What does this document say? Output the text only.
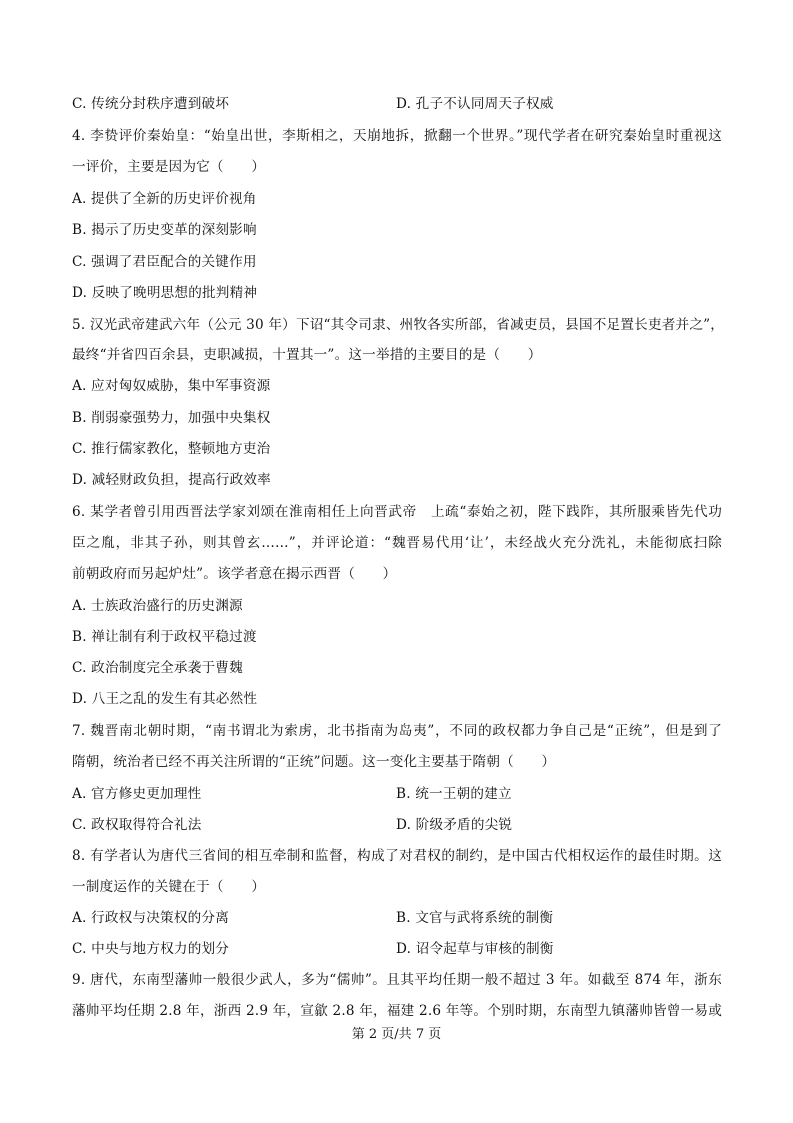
C. 传统分封秩序遭到破坏	D. 孔子不认同周天子权威
4. 李贽评价秦始皇：“始皇出世，李斯相之，天崩地拆，掀翻一个世界。”现代学者在研究秦始皇时重视这
一评价，主要是因为它（　　）
A. 提供了全新的历史评价视角
B. 揭示了历史变革的深刻影响
C. 强调了君臣配合的关键作用
D. 反映了晚明思想的批判精神
5. 汉光武帝建武六年（公元 30 年）下诏“其令司隶、州牧各实所部，省减吏员，县国不足置长吏者并之”，
最终“并省四百余县，吏职减损，十置其一”。这一举措的主要目的是（　　）
A. 应对匈奴威胁，集中军事资源
B. 削弱豪强势力，加强中央集权
C. 推行儒家教化，整顿地方吏治
D. 减轻财政负担，提高行政效率
6. 某学者曾引用西晋法学家刘颂在淮南相任上向晋武帝　上疏“泰始之初，陛下践阼，其所服乘皆先代功
臣之胤，非其子孙，则其曾玄……”，并评论道：“魏晋易代用‘让’，未经战火充分洗礼，未能彻底扫除
前朝政府而另起炉灶”。该学者意在揭示西晋（　　）
A. 士族政治盛行的历史渊源
B. 禅让制有利于政权平稳过渡
C. 政治制度完全承袭于曹魏
D. 八王之乱的发生有其必然性
7. 魏晋南北朝时期，“南书谓北为索虏，北书指南为岛夷”，不同的政权都力争自己是“正统”，但是到了
隋朝，统治者已经不再关注所谓的“正统”问题。这一变化主要基于隋朝（　　）
A. 官方修史更加理性	B. 统一王朝的建立
C. 政权取得符合礼法	D. 阶级矛盾的尖锐
8. 有学者认为唐代三省间的相互牵制和监督，构成了对君权的制约，是中国古代相权运作的最佳时期。这
一制度运作的关键在于（　　）
A. 行政权与决策权的分离	B. 文官与武将系统的制衡
C. 中央与地方权力的划分	D. 诏令起草与审核的制衡
9. 唐代，东南型藩帅一般很少武人，多为“儒帅”。且其平均任期一般不超过 3 年。如截至 874 年，浙东
藩帅平均任期 2.8 年，浙西 2.9 年，宣歙 2.8 年，福建 2.6 年等。个别时期，东南型九镇藩帅皆曾一易或
第 2 页/共 7 页
